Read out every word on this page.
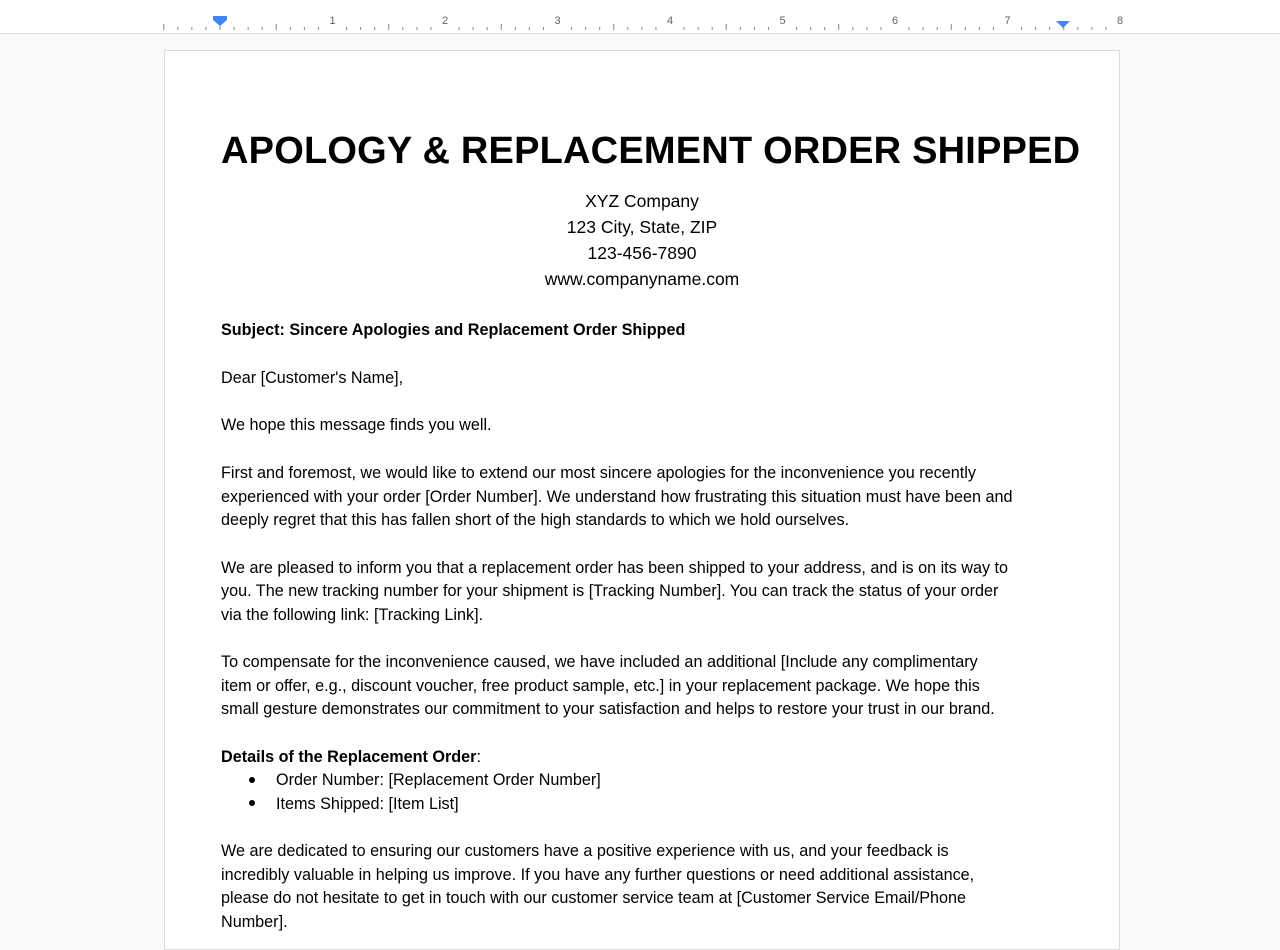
1	2	3	4	5	6	7	8
APOLOGY & REPLACEMENT ORDER SHIPPED
XYZ Company
123 City, State, ZIP
123-456-7890
www.companyname.com
Subject: Sincere Apologies and Replacement Order Shipped
Dear [Customer's Name],
We hope this message finds you well.
First and foremost, we would like to extend our most sincere apologies for the inconvenience you recently
experienced with your order [Order Number]. We understand how frustrating this situation must have been and
deeply regret that this has fallen short of the high standards to which we hold ourselves.
We are pleased to inform you that a replacement order has been shipped to your address, and is on its way to
you. The new tracking number for your shipment is [Tracking Number]. You can track the status of your order
via the following link: [Tracking Link].
To compensate for the inconvenience caused, we have included an additional [Include any complimentary
item or offer, e.g., discount voucher, free product sample, etc.] in your replacement package. We hope this
small gesture demonstrates our commitment to your satisfaction and helps to restore your trust in our brand.
Details of the Replacement Order:
Order Number: [Replacement Order Number]
Items Shipped: [Item List]
We are dedicated to ensuring our customers have a positive experience with us, and your feedback is
incredibly valuable in helping us improve. If you have any further questions or need additional assistance,
please do not hesitate to get in touch with our customer service team at [Customer Service Email/Phone
Number].
